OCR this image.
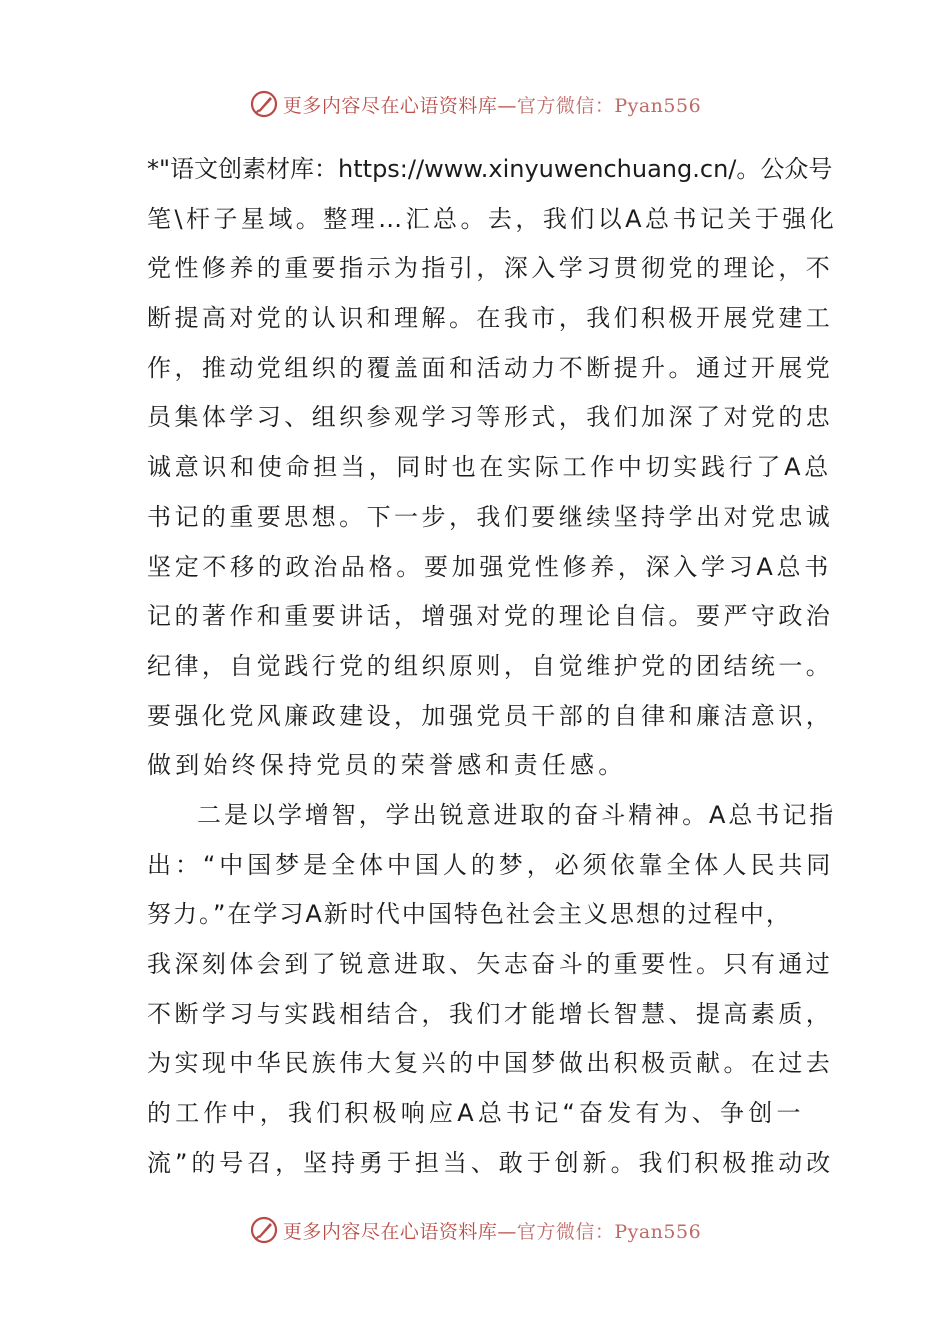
更多内容尽在心语资料库—官方微信：Pyan556
*"语文创素材库：https://www.xinyuwenchuang.cn/。公众号
笔\杆子星域。整理…汇总。去，我们以A总书记关于强化
党性修养的重要指示为指引，深入学习贯彻党的理论，不
断提高对党的认识和理解。在我市，我们积极开展党建工
作，推动党组织的覆盖面和活动力不断提升。通过开展党
员集体学习、组织参观学习等形式，我们加深了对党的忠
诚意识和使命担当，同时也在实际工作中切实践行了A总
书记的重要思想。下一步，我们要继续坚持学出对党忠诚
坚定不移的政治品格。要加强党性修养，深入学习A总书
记的著作和重要讲话，增强对党的理论自信。要严守政治
纪律，自觉践行党的组织原则，自觉维护党的团结统一。
要强化党风廉政建设，加强党员干部的自律和廉洁意识，
做到始终保持党员的荣誉感和责任感。
二是以学增智，学出锐意进取的奋斗精神。A总书记指
出：“中国梦是全体中国人的梦，必须依靠全体人民共同
努力。”在学习A新时代中国特色社会主义思想的过程中，
我深刻体会到了锐意进取、矢志奋斗的重要性。只有通过
不断学习与实践相结合，我们才能增长智慧、提高素质，
为实现中华民族伟大复兴的中国梦做出积极贡献。在过去
的工作中，我们积极响应A总书记“奋发有为、争创一
流”的号召，坚持勇于担当、敢于创新。我们积极推动改
更多内容尽在心语资料库—官方微信：Pyan556
